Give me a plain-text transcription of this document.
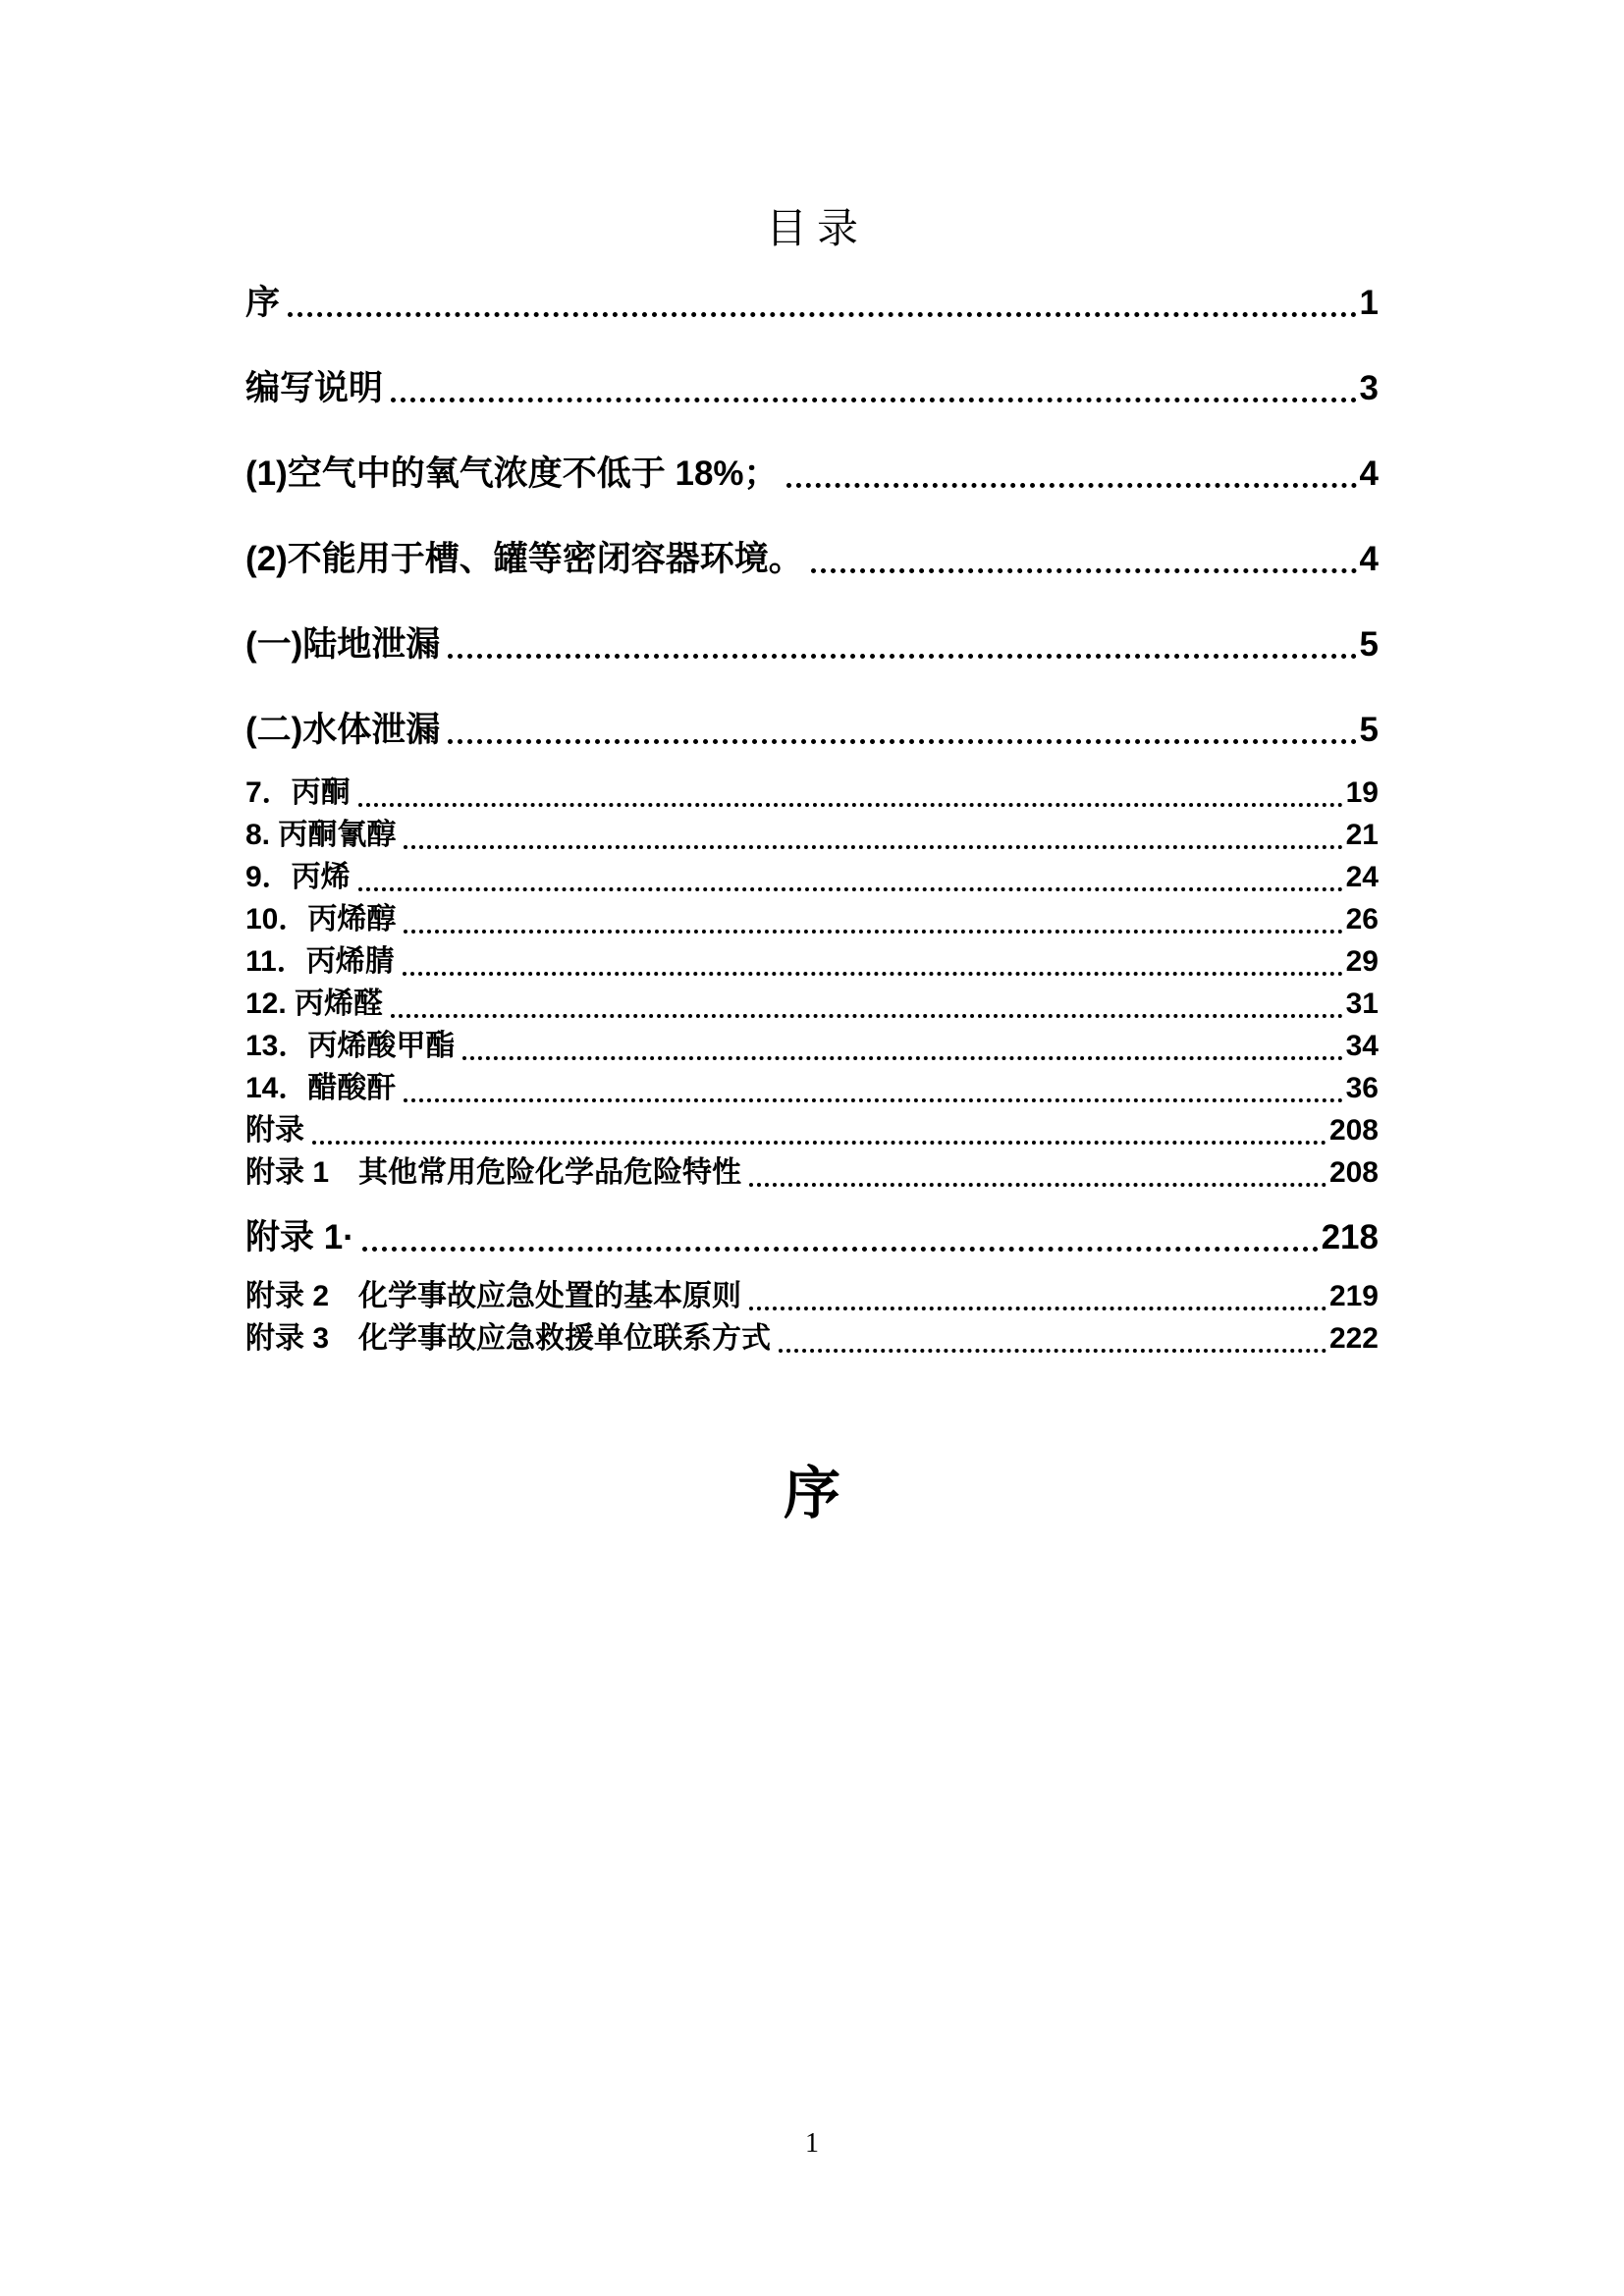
目录
序	1
编写说明	3
(1)空气中的氧气浓度不低于 18%；	4
(2)不能用于槽、罐等密闭容器环境。	4
(一)陆地泄漏	5
(二)水体泄漏	5
7．丙酮	19
8. 丙酮氰醇	21
9．丙烯	24
10．丙烯醇	26
11．丙烯腈	29
12. 丙烯醛	31
13．丙烯酸甲酯	34
14．醋酸酐	36
附录	208
附录 1　其他常用危险化学品危险特性	208
附录 1·	218
附录 2　化学事故应急处置的基本原则	219
附录 3　化学事故应急救援单位联系方式	222
序
1
